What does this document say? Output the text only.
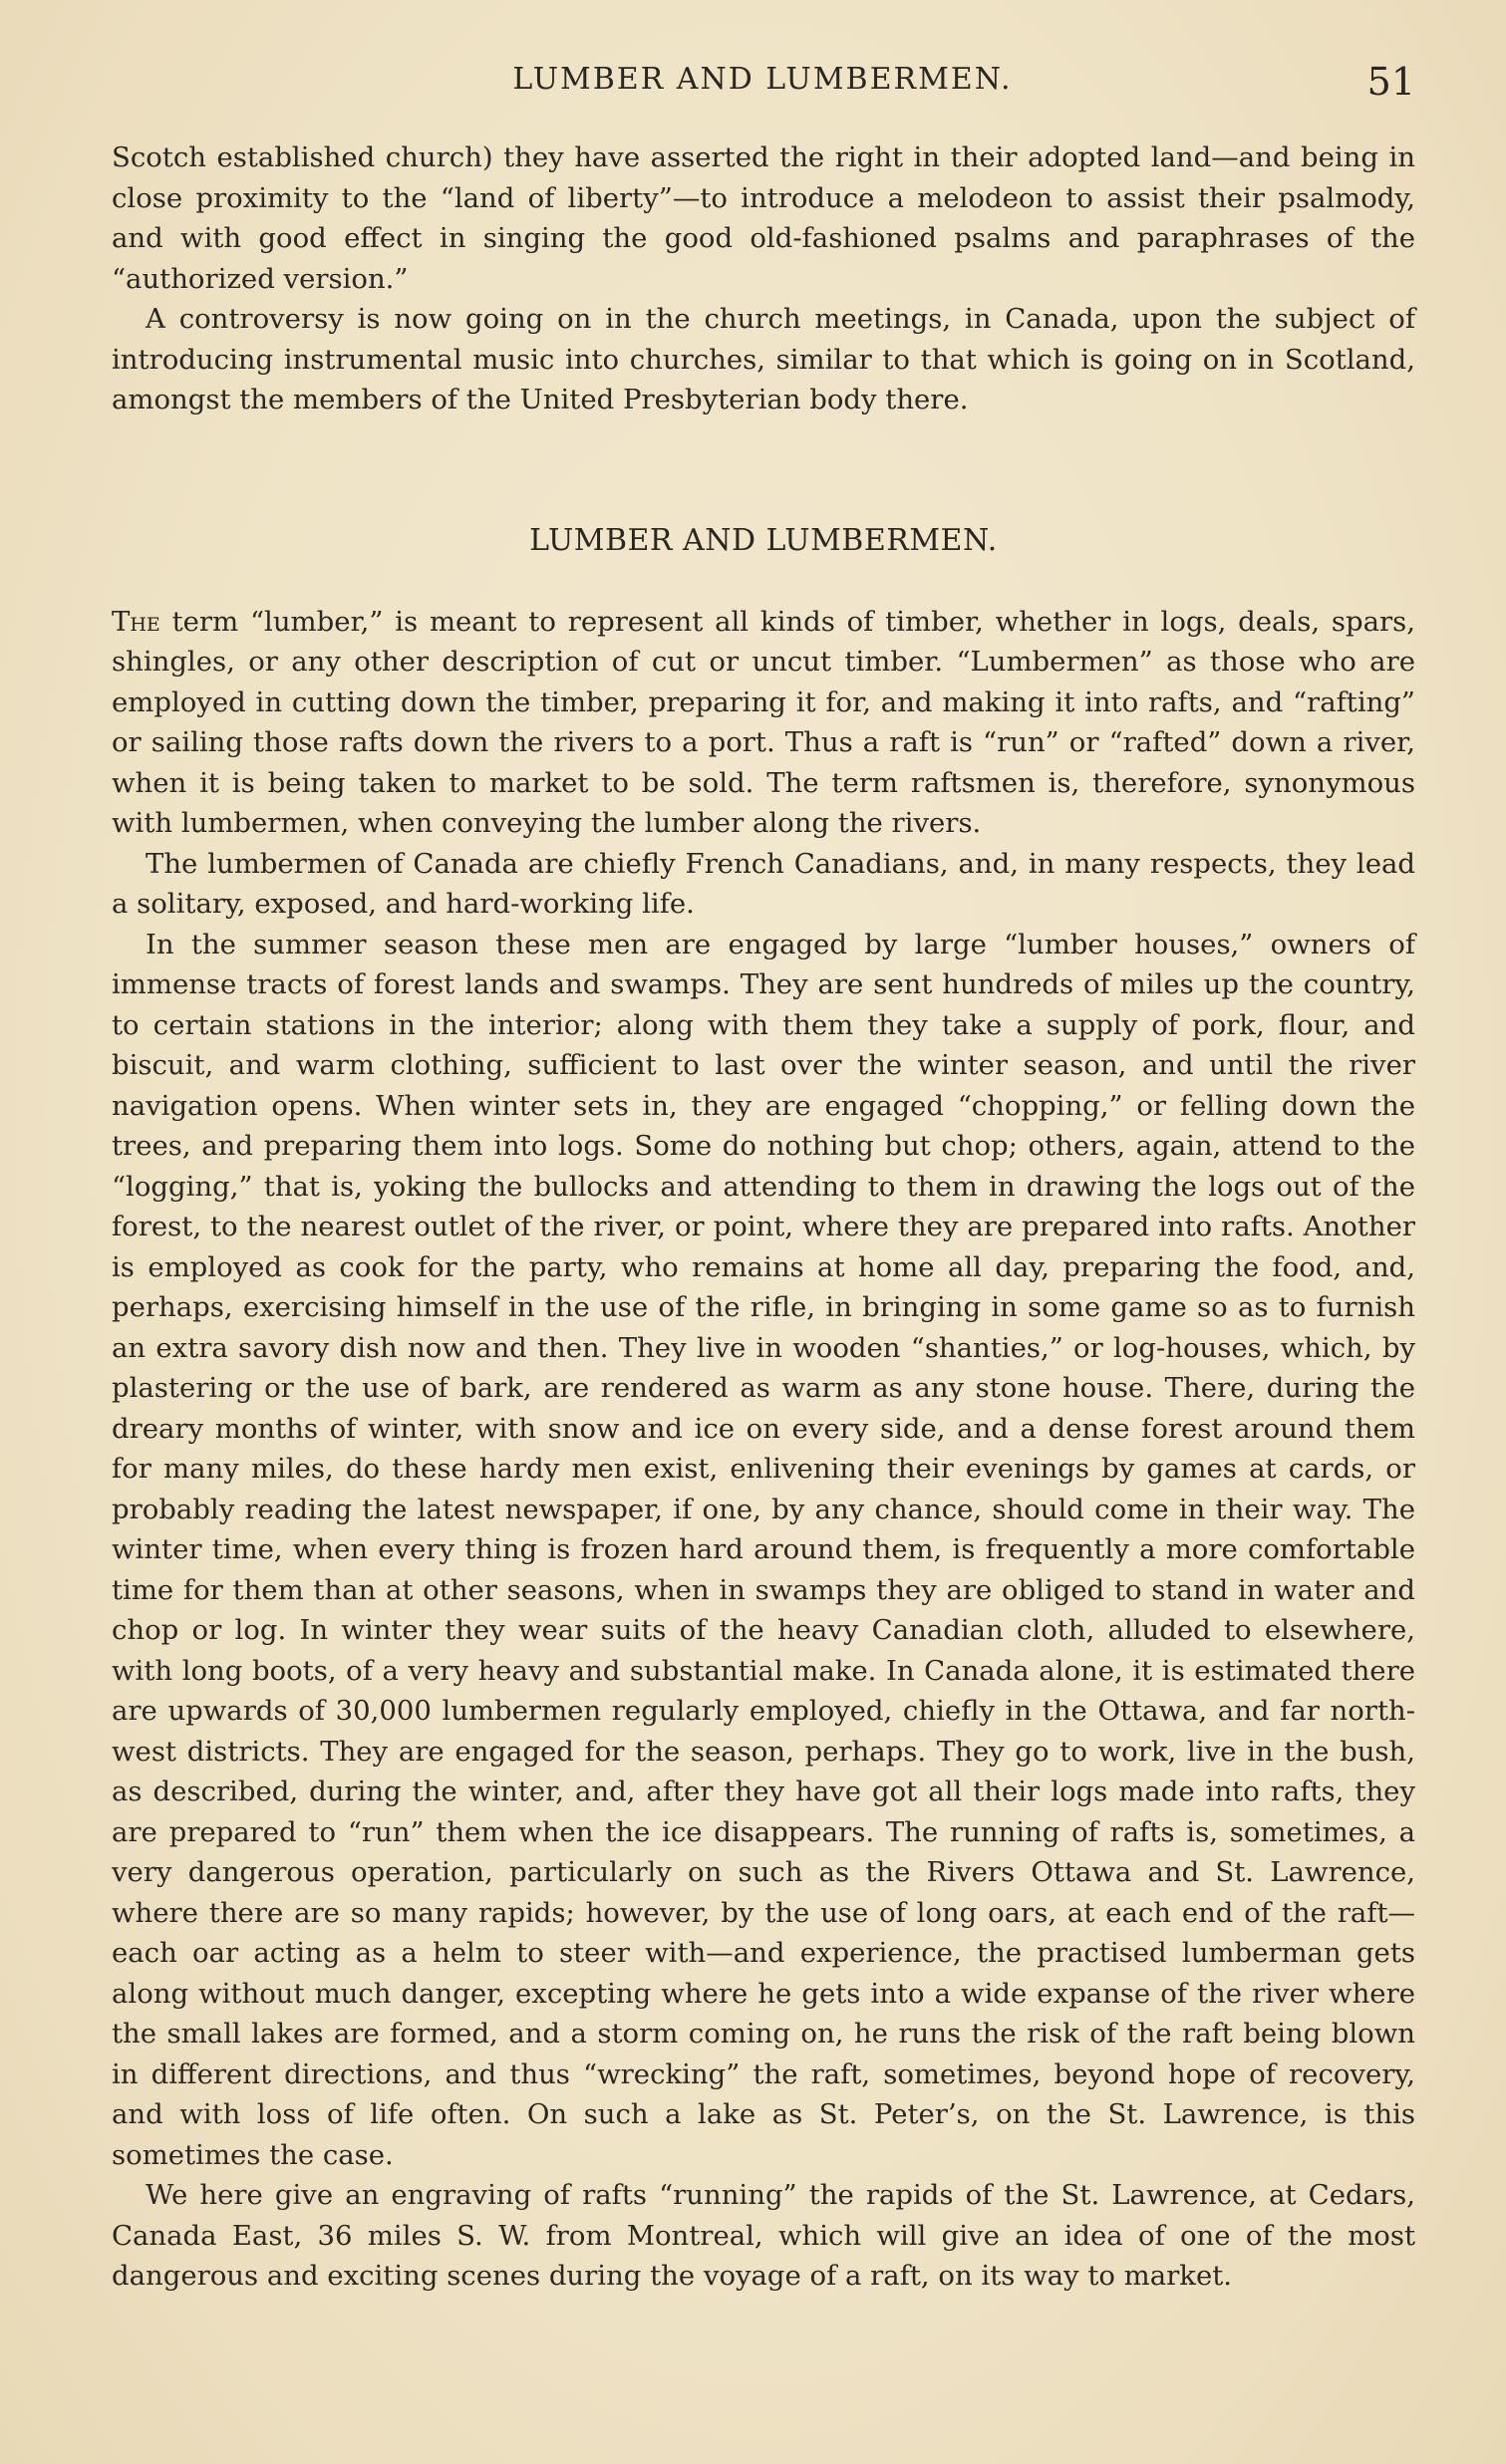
LUMBER AND LUMBERMEN.	51

Scotch established church) they have asserted the right in their adopted land—and being in close proximity to the “land of liberty”—to introduce a melodeon to assist their psalmody, and with good effect in singing the good old-fashioned psalms and paraphrases of the “authorized version.”

A controversy is now going on in the church meetings, in Canada, upon the subject of introducing instrumental music into churches, similar to that which is going on in Scotland, amongst the members of the United Presbyterian body there.

LUMBER AND LUMBERMEN.

The term “lumber,” is meant to represent all kinds of timber, whether in logs, deals, spars, shingles, or any other description of cut or uncut timber. “Lumbermen” as those who are employed in cutting down the timber, preparing it for, and making it into rafts, and “rafting” or sailing those rafts down the rivers to a port. Thus a raft is “run” or “rafted” down a river, when it is being taken to market to be sold. The term raftsmen is, therefore, synonymous with lumbermen, when conveying the lumber along the rivers.

The lumbermen of Canada are chiefly French Canadians, and, in many respects, they lead a solitary, exposed, and hard-working life.

In the summer season these men are engaged by large “lumber houses,” owners of immense tracts of forest lands and swamps. They are sent hundreds of miles up the country, to certain stations in the interior; along with them they take a supply of pork, flour, and biscuit, and warm clothing, sufficient to last over the winter season, and until the river navigation opens. When winter sets in, they are engaged “chopping,” or felling down the trees, and preparing them into logs. Some do nothing but chop; others, again, attend to the “logging,” that is, yoking the bullocks and attending to them in drawing the logs out of the forest, to the nearest outlet of the river, or point, where they are prepared into rafts. Another is employed as cook for the party, who remains at home all day, preparing the food, and, perhaps, exercising himself in the use of the rifle, in bringing in some game so as to furnish an extra savory dish now and then. They live in wooden “shanties,” or log-houses, which, by plastering or the use of bark, are rendered as warm as any stone house. There, during the dreary months of winter, with snow and ice on every side, and a dense forest around them for many miles, do these hardy men exist, enlivening their evenings by games at cards, or probably reading the latest newspaper, if one, by any chance, should come in their way. The winter time, when every thing is frozen hard around them, is frequently a more comfortable time for them than at other seasons, when in swamps they are obliged to stand in water and chop or log. In winter they wear suits of the heavy Canadian cloth, alluded to elsewhere, with long boots, of a very heavy and substantial make. In Canada alone, it is estimated there are upwards of 30,000 lumbermen regularly employed, chiefly in the Ottawa, and far north-west districts. They are engaged for the season, perhaps. They go to work, live in the bush, as described, during the winter, and, after they have got all their logs made into rafts, they are prepared to “run” them when the ice disappears. The running of rafts is, sometimes, a very dangerous operation, particularly on such as the Rivers Ottawa and St. Lawrence, where there are so many rapids; however, by the use of long oars, at each end of the raft—each oar acting as a helm to steer with—and experience, the practised lumberman gets along without much danger, excepting where he gets into a wide expanse of the river where the small lakes are formed, and a storm coming on, he runs the risk of the raft being blown in different directions, and thus “wrecking” the raft, sometimes, beyond hope of recovery, and with loss of life often. On such a lake as St. Peter’s, on the St. Lawrence, is this sometimes the case.

We here give an engraving of rafts “running” the rapids of the St. Lawrence, at Cedars, Canada East, 36 miles S. W. from Montreal, which will give an idea of one of the most dangerous and exciting scenes during the voyage of a raft, on its way to market.
